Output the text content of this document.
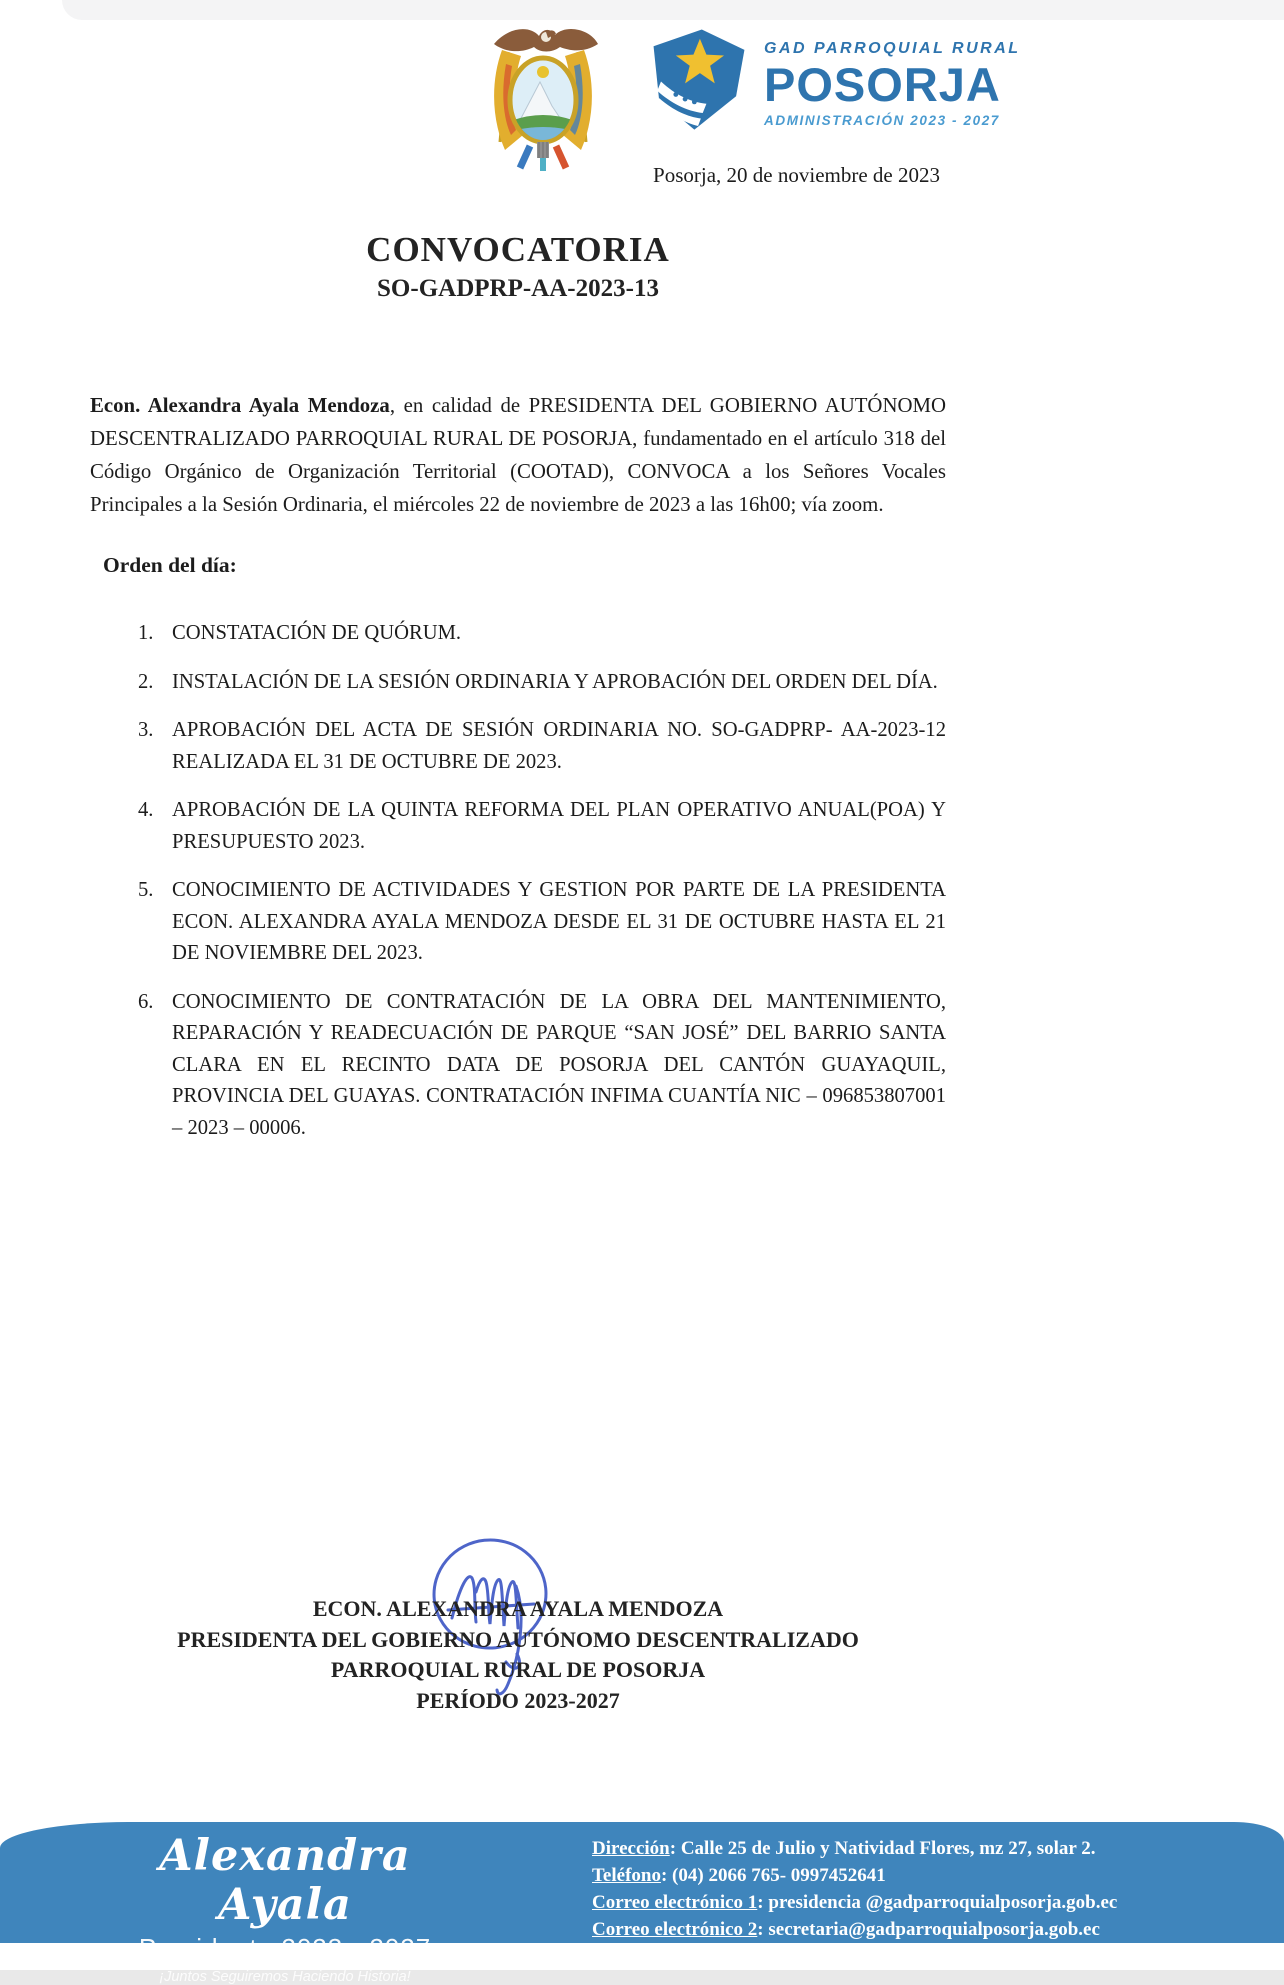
GAD PARROQUIAL RURAL
POSORJA
ADMINISTRACIÓN 2023 - 2027
Posorja, 20 de noviembre de 2023
CONVOCATORIA
SO-GADPRP-AA-2023-13

Econ. Alexandra Ayala Mendoza, en calidad de PRESIDENTA DEL GOBIERNO AUTÓNOMO DESCENTRALIZADO PARROQUIAL RURAL DE POSORJA, fundamentado en el artículo 318 del Código Orgánico de Organización Territorial (COOTAD), CONVOCA a los Señores Vocales Principales a la Sesión Ordinaria, el miércoles 22 de noviembre de 2023 a las 16h00; vía zoom.

Orden del día:
CONSTATACIÓN DE QUÓRUM.
INSTALACIÓN DE LA SESIÓN ORDINARIA Y APROBACIÓN DEL ORDEN DEL DÍA.
APROBACIÓN DEL ACTA DE SESIÓN ORDINARIA NO. SO-GADPRP- AA-2023-12 REALIZADA EL 31 DE OCTUBRE DE 2023.
APROBACIÓN DE LA QUINTA REFORMA DEL PLAN OPERATIVO ANUAL(POA) Y PRESUPUESTO 2023.
CONOCIMIENTO DE ACTIVIDADES Y GESTION POR PARTE DE LA PRESIDENTA ECON. ALEXANDRA AYALA MENDOZA DESDE EL 31 DE OCTUBRE HASTA EL 21 DE NOVIEMBRE DEL 2023.
CONOCIMIENTO DE CONTRATACIÓN DE LA OBRA DEL MANTENIMIENTO, REPARACIÓN Y READECUACIÓN DE PARQUE “SAN JOSÉ” DEL BARRIO SANTA CLARA EN EL RECINTO DATA DE POSORJA DEL CANTÓN GUAYAQUIL, PROVINCIA DEL GUAYAS. CONTRATACIÓN INFIMA CUANTÍA NIC – 096853807001 – 2023 – 00006.
ECON. ALEXANDRA AYALA MENDOZA
PRESIDENTA DEL GOBIERNO AUTÓNOMO DESCENTRALIZADO
PARROQUIAL RURAL DE POSORJA
PERÍODO 2023-2027
Alexandra Ayala
Presidenta 2023 - 2027
¡Juntos Seguiremos Haciendo Historia!
Dirección: Calle 25 de Julio y Natividad Flores, mz 27, solar 2.
Teléfono: (04) 2066 765- 0997452641
Correo electrónico 1: presidencia @gadparroquialposorja.gob.ec
Correo electrónico 2: secretaria@gadparroquialposorja.gob.ec
Posorja - Ecuador
